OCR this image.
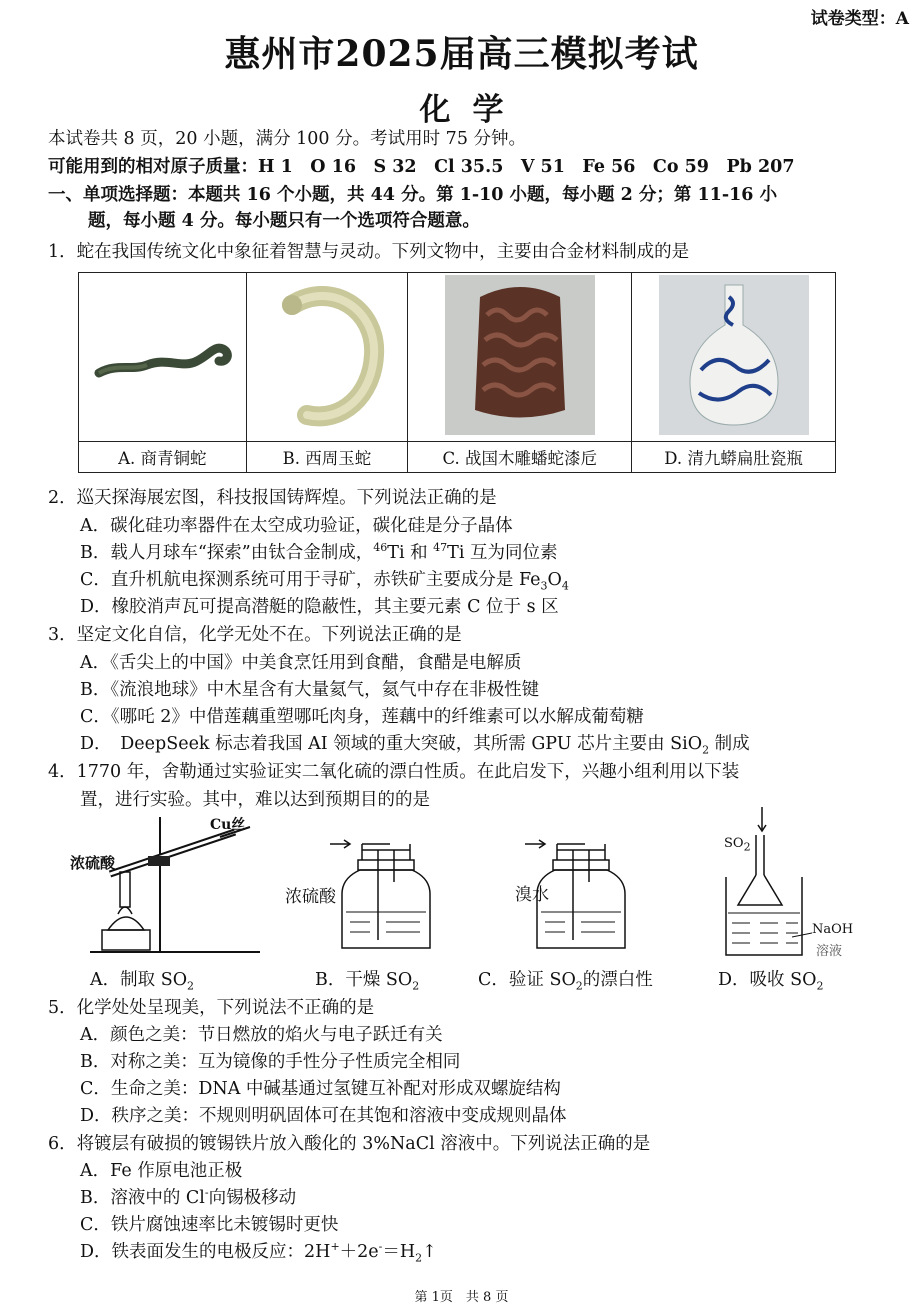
试卷类型：A
惠州市2025届高三模拟考试
化学
本试卷共 8 页，20 小题，满分 100 分。考试用时 75 分钟。
可能用到的相对原子质量：H 1　O 16　S 32　Cl 35.5　V 51　Fe 56　Co 59　Pb 207
一、单项选择题：本题共 16 个小题，共 44 分。第 1-10 小题，每小题 2 分；第 11-16 小
题，每小题 4 分。每小题只有一个选项符合题意。
1．蛇在我国传统文化中象征着智慧与灵动。下列文物中，主要由合金材料制成的是

A. 商青铜蛇	B. 西周玉蛇	C. 战国木雕蟠蛇漆卮	D. 清九蟒扁肚瓷瓶
2．巡天探海展宏图，科技报国铸辉煌。下列说法正确的是
A．碳化硅功率器件在太空成功验证，碳化硅是分子晶体
B．载人月球车“探索”由钛合金制成，$^{46}$Ti 和 $^{47}$Ti 互为同位素
C．直升机航电探测系统可用于寻矿，赤铁矿主要成分是 $Fe_3O_4$
D．橡胶消声瓦可提高潜艇的隐蔽性，其主要元素 C 位于 s 区
3．坚定文化自信，化学无处不在。下列说法正确的是
A．《舌尖上的中国》中美食烹饪用到食醋，食醋是电解质
B．《流浪地球》中木星含有大量氦气，氦气中存在非极性键
C．《哪吒 2》中借莲藕重塑哪吒肉身，莲藕中的纤维素可以水解成葡萄糖
D．　DeepSeek 标志着我国 AI 领域的重大突破，其所需 GPU 芯片主要由 SiO$_2$ 制成
4．1770 年，舍勒通过实验证实二氧化硫的漂白性质。在此启发下，兴趣小组利用以下装
置，进行实验。其中，难以达到预期目的的是
Cu丝
浓硫酸
浓硫酸	溴水
$SO_2$
NaOH
溶液
A．制取 $SO_2$	B．干燥 $SO_2$	C．验证 $SO_2$的漂白性	D．吸收 $SO_2$
5．化学处处呈现美，下列说法不正确的是
A．颜色之美：节日燃放的焰火与电子跃迁有关
B．对称之美：互为镜像的手性分子性质完全相同
C．生命之美：DNA 中碱基通过氢键互补配对形成双螺旋结构
D．秩序之美：不规则明矾固体可在其饱和溶液中变成规则晶体
6．将镀层有破损的镀锡铁片放入酸化的 3%NaCl 溶液中。下列说法正确的是
A．Fe 作原电池正极
B．溶液中的 Cl-向锡极移动
C．铁片腐蚀速率比未镀锡时更快
D．铁表面发生的电极反应：$2H^++2e^-=H_2↑$
第 1页　共 8 页
